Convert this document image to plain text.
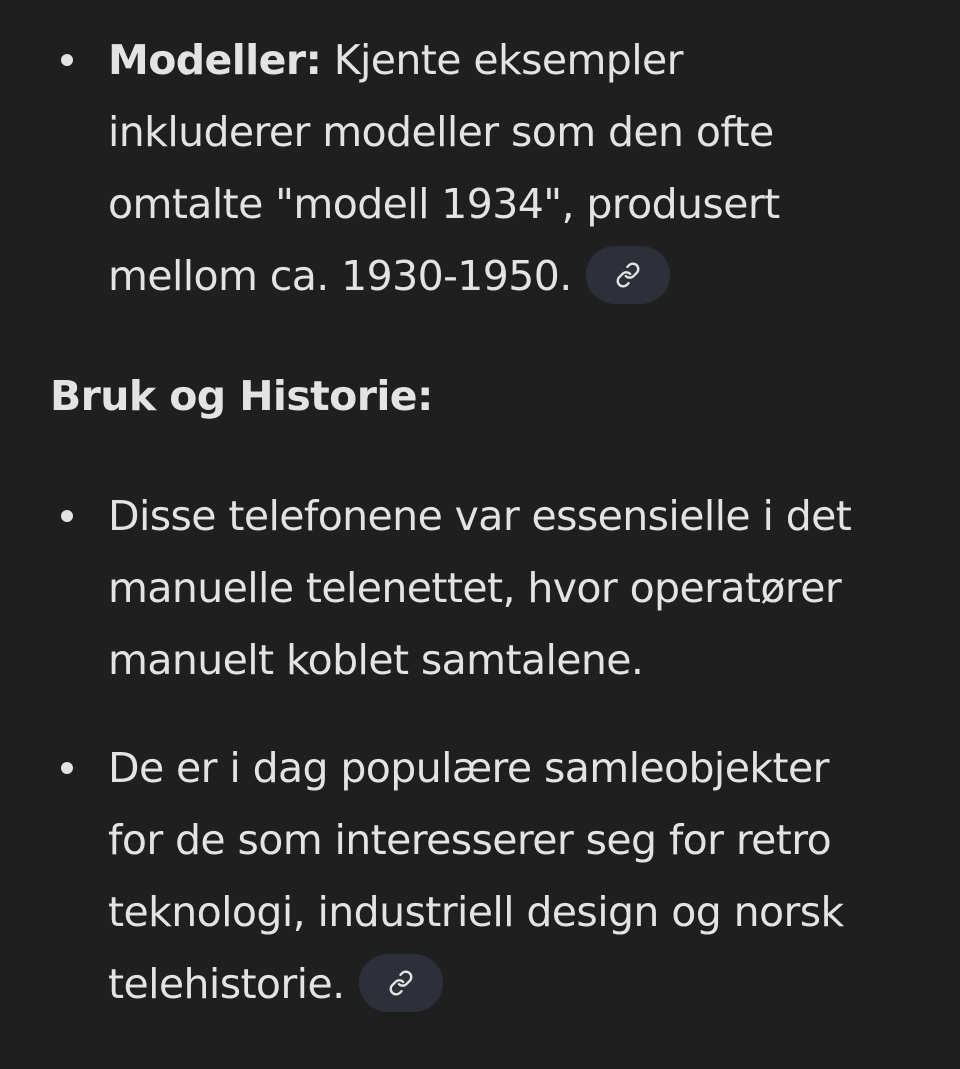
Modeller: Kjente eksempler
inkluderer modeller som den ofte
omtalte "modell 1934", produsert
mellom ca. 1930-1950.
Bruk og Historie:
Disse telefonene var essensielle i det
manuelle telenettet, hvor operatører
manuelt koblet samtalene.
De er i dag populære samleobjekter
for de som interesserer seg for retro
teknologi, industriell design og norsk
telehistorie.
